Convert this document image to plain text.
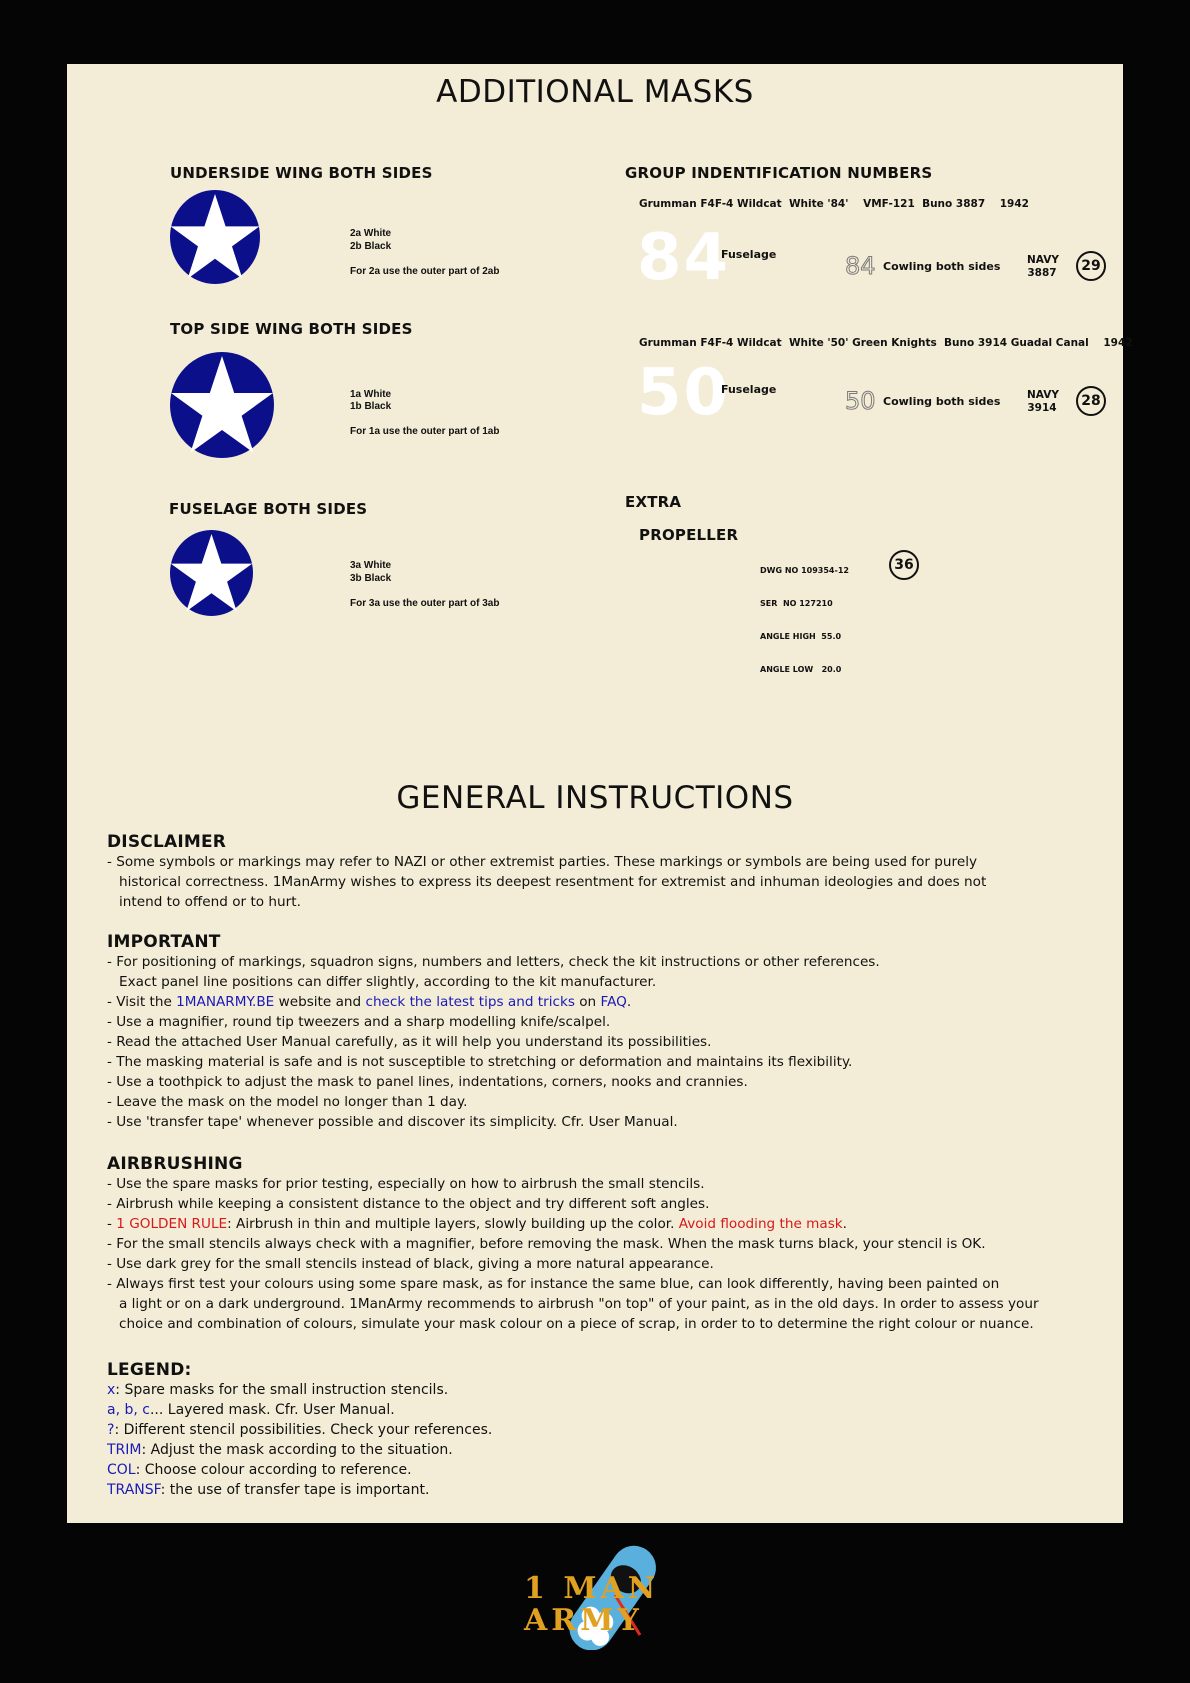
ADDITIONAL MASKS
UNDERSIDE WING BOTH SIDES
2a White
2b Black
For 2a use the outer part of 2ab
TOP SIDE WING BOTH SIDES
1a White
1b Black
For 1a use the outer part of 1ab
FUSELAGE BOTH SIDES
3a White
3b Black
For 3a use the outer part of 3ab
GROUP INDENTIFICATION NUMBERS
Grumman F4F-4 Wildcat  White '84'    VMF-121  Buno 3887    1942
84
Fuselage	84 Cowling both sides	NAVY
3887	29
Grumman F4F-4 Wildcat  White '50' Green Knights  Buno 3914 Guadal Canal    1942
50
Fuselage	50 Cowling both sides	NAVY
3914	28
EXTRA
PROPELLER

DWG NO 109354-12

SER  NO 127210

ANGLE HIGH  55.0

ANGLE LOW   20.0

36
GENERAL INSTRUCTIONS
DISCLAIMER
- Some symbols or markings may refer to NAZI or other extremist parties. These markings or symbols are being used for purely
historical correctness. 1ManArmy wishes to express its deepest resentment for extremist and inhuman ideologies and does not
intend to offend or to hurt.
IMPORTANT
- For positioning of markings, squadron signs, numbers and letters, check the kit instructions or other references.
Exact panel line positions can differ slightly, according to the kit manufacturer.
- Visit the 1MANARMY.BE website and check the latest tips and tricks on FAQ.
- Use a magnifier, round tip tweezers and a sharp modelling knife/scalpel.
- Read the attached User Manual carefully, as it will help you understand its possibilities.
- The masking material is safe and is not susceptible to stretching or deformation and maintains its flexibility.
- Use a toothpick to adjust the mask to panel lines, indentations, corners, nooks and crannies.
- Leave the mask on the model no longer than 1 day.
- Use 'transfer tape' whenever possible and discover its simplicity. Cfr. User Manual.
AIRBRUSHING
- Use the spare masks for prior testing, especially on how to airbrush the small stencils.
- Airbrush while keeping a consistent distance to the object and try different soft angles.
- 1 GOLDEN RULE: Airbrush in thin and multiple layers, slowly building up the color. Avoid flooding the mask.
- For the small stencils always check with a magnifier, before removing the mask. When the mask turns black, your stencil is OK.
- Use dark grey for the small stencils instead of black, giving a more natural appearance.
- Always first test your colours using some spare mask, as for instance the same blue, can look differently, having been painted on
a light or on a dark underground. 1ManArmy recommends to airbrush "on top" of your paint, as in the old days. In order to assess your
choice and combination of colours, simulate your mask colour on a piece of scrap, in order to to determine the right colour or nuance.
LEGEND:
x: Spare masks for the small instruction stencils.
a, b, c... Layered mask. Cfr. User Manual.
?: Different stencil possibilities. Check your references.
TRIM: Adjust the mask according to the situation.
COL: Choose colour according to reference.
TRANSF: the use of transfer tape is important.
1 MAN
ARMY
